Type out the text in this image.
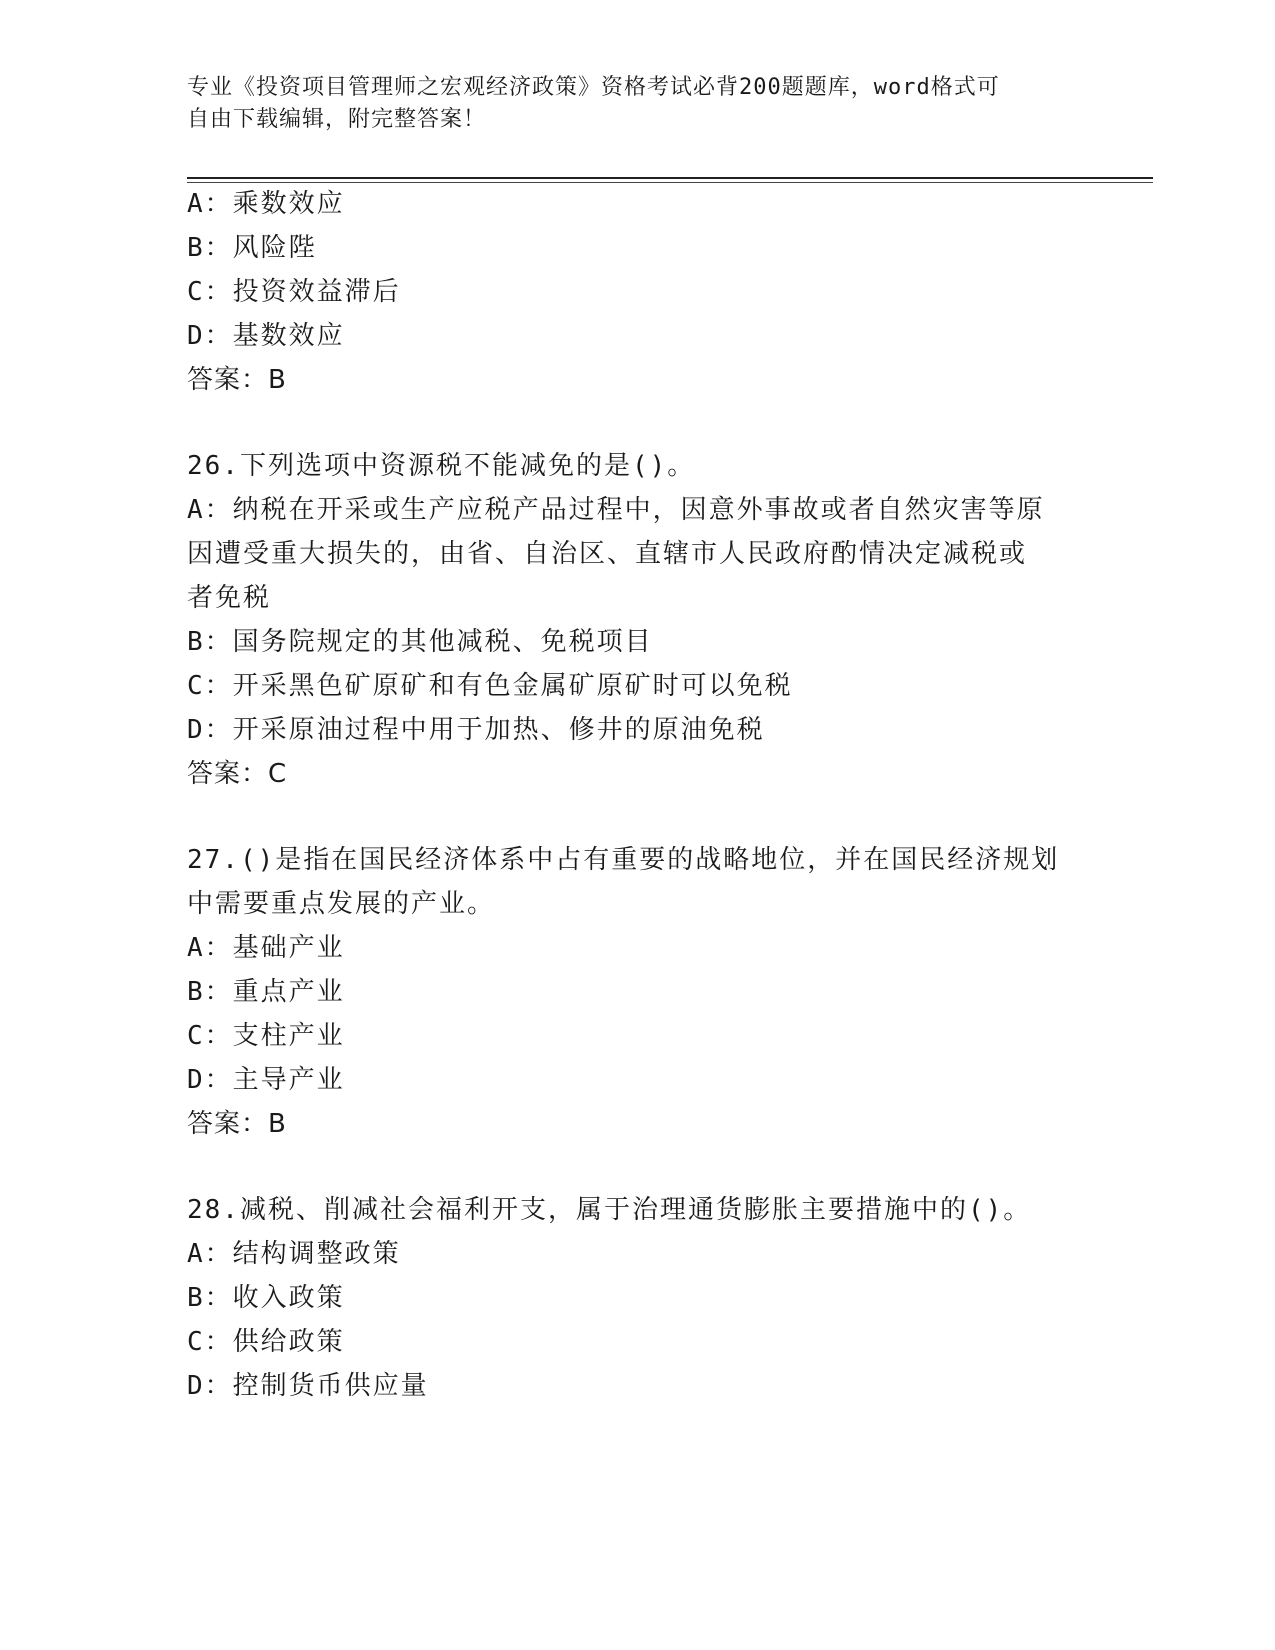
专业《投资项目管理师之宏观经济政策》资格考试必背200题题库，word格式可
自由下载编辑，附完整答案！
A：乘数效应
B：风险陛
C：投资效益滞后
D：基数效应
答案：B
26.下列选项中资源税不能减免的是()。
A：纳税在开采或生产应税产品过程中，因意外事故或者自然灾害等原
因遭受重大损失的，由省、自治区、直辖市人民政府酌情决定减税或
者免税
B：国务院规定的其他减税、免税项目
C：开采黑色矿原矿和有色金属矿原矿时可以免税
D：开采原油过程中用于加热、修井的原油免税
答案：C
27.()是指在国民经济体系中占有重要的战略地位，并在国民经济规划
中需要重点发展的产业。
A：基础产业
B：重点产业
C：支柱产业
D：主导产业
答案：B
28.减税、削减社会福利开支，属于治理通货膨胀主要措施中的()。
A：结构调整政策
B：收入政策
C：供给政策
D：控制货币供应量
